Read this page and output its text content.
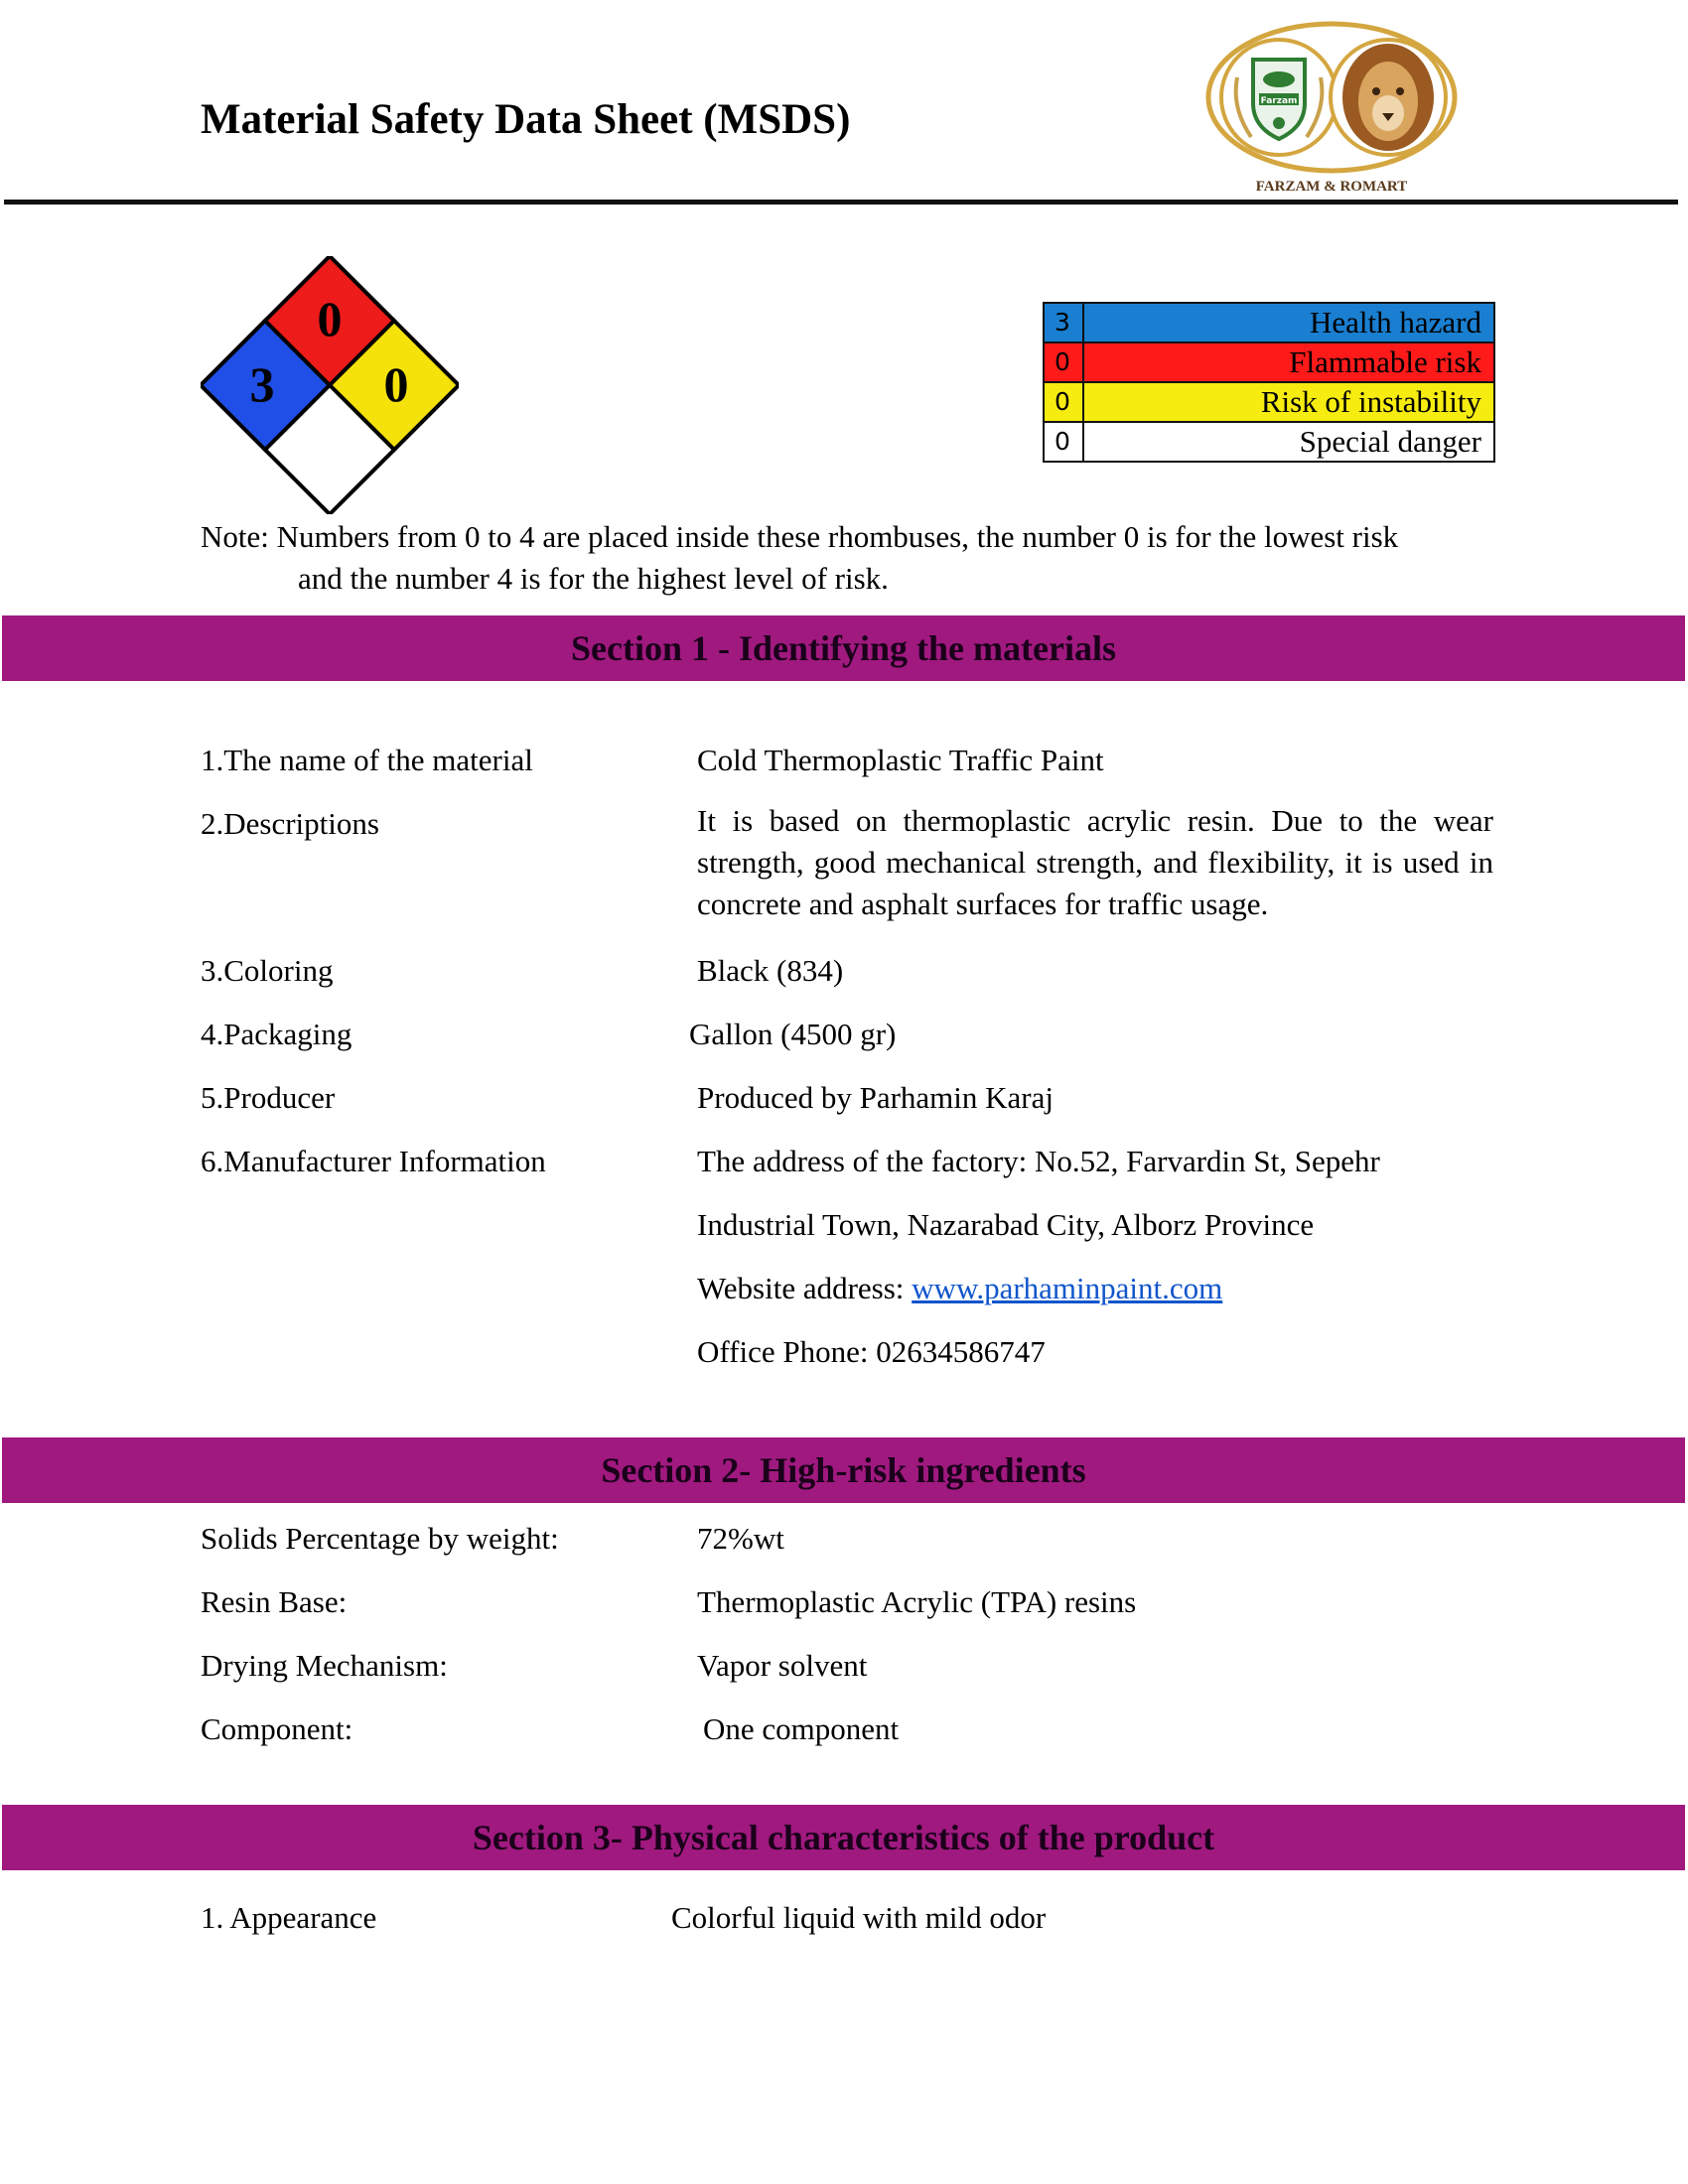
Material Safety Data Sheet (MSDS)	Farzam
FARZAM & ROMART
0
3 0
3	Health hazard
0	Flammable risk
0	Risk of instability
0	Special danger
Note: Numbers from 0 to 4 are placed inside these rhombuses, the number 0 is for the lowest risk
and the number 4 is for the highest level of risk.
Section 1 - Identifying the materials
1.The name of the material	Cold Thermoplastic Traffic Paint
2.Descriptions	It is based on thermoplastic acrylic resin. Due to the wear strength, good mechanical strength, and flexibility, it is used in concrete and asphalt surfaces for traffic usage.
3.Coloring	Black (834)
4.Packaging	Gallon (4500 gr)
5.Producer	Produced by Parhamin Karaj
6.Manufacturer Information	The address of the factory: No.52, Farvardin St, Sepehr
Industrial Town, Nazarabad City, Alborz Province
Website address: www.parhaminpaint.com
Office Phone: 02634586747
Section 2- High-risk ingredients
Solids Percentage by weight:	72%wt
Resin Base:	Thermoplastic Acrylic (TPA) resins
Drying Mechanism:	Vapor solvent
Component:	One component
Section 3- Physical characteristics of the product
1. Appearance	Colorful liquid with mild odor
